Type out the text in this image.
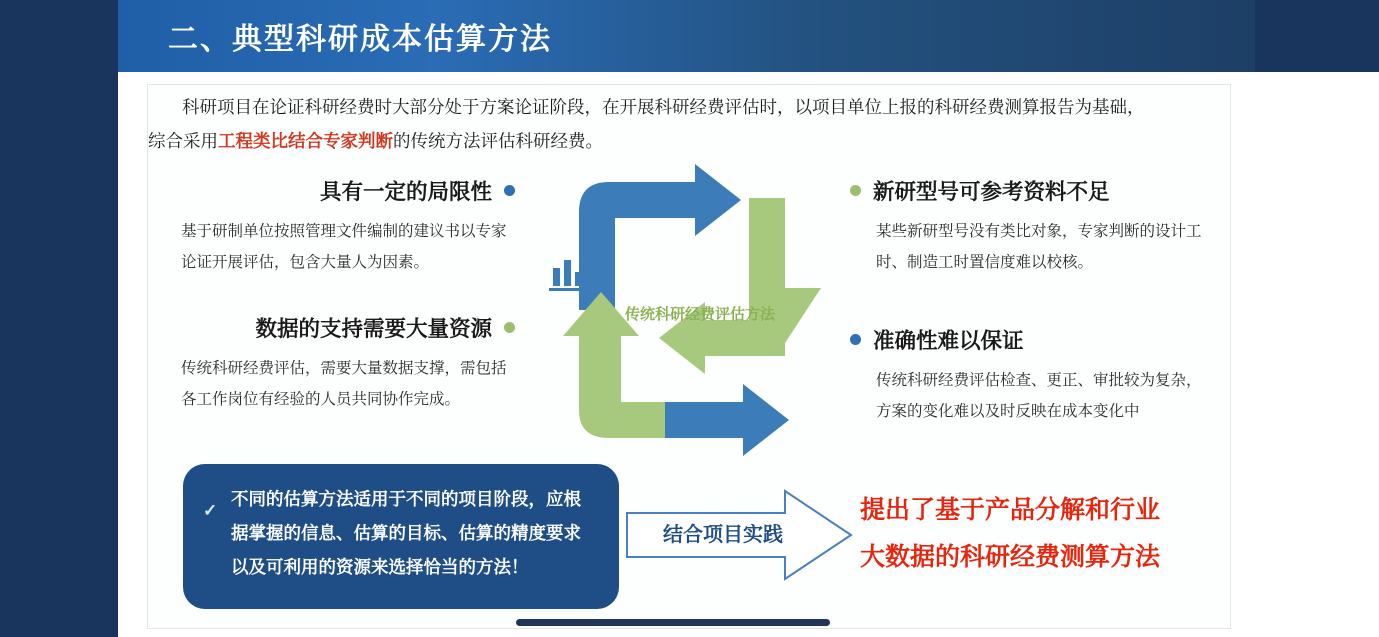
二、典型科研成本估算方法

科研项目在论证科研经费时大部分处于方案论证阶段，在开展科研经费评估时，以项目单位上报的科研经费测算报告为基础，

综合采用工程类比结合专家判断的传统方法评估科研经费。

具有一定的局限性
基于研制单位按照管理文件编制的建议书以专家论证开展评估，包含大量人为因素。
数据的支持需要大量资源
传统科研经费评估，需要大量数据支撑，需包括各工作岗位有经验的人员共同协作完成。
传统科研经费评估方法
新研型号可参考资料不足
某些新研型号没有类比对象，专家判断的设计工时、制造工时置信度难以校核。
准确性难以保证
传统科研经费评估检查、更正、审批较为复杂，方案的变化难以及时反映在成本变化中
✓
不同的估算方法适用于不同的项目阶段，应根据掌握的信息、估算的目标、估算的精度要求以及可利用的资源来选择恰当的方法！
结合项目实践
提出了基于产品分解和行业
大数据的科研经费测算方法
